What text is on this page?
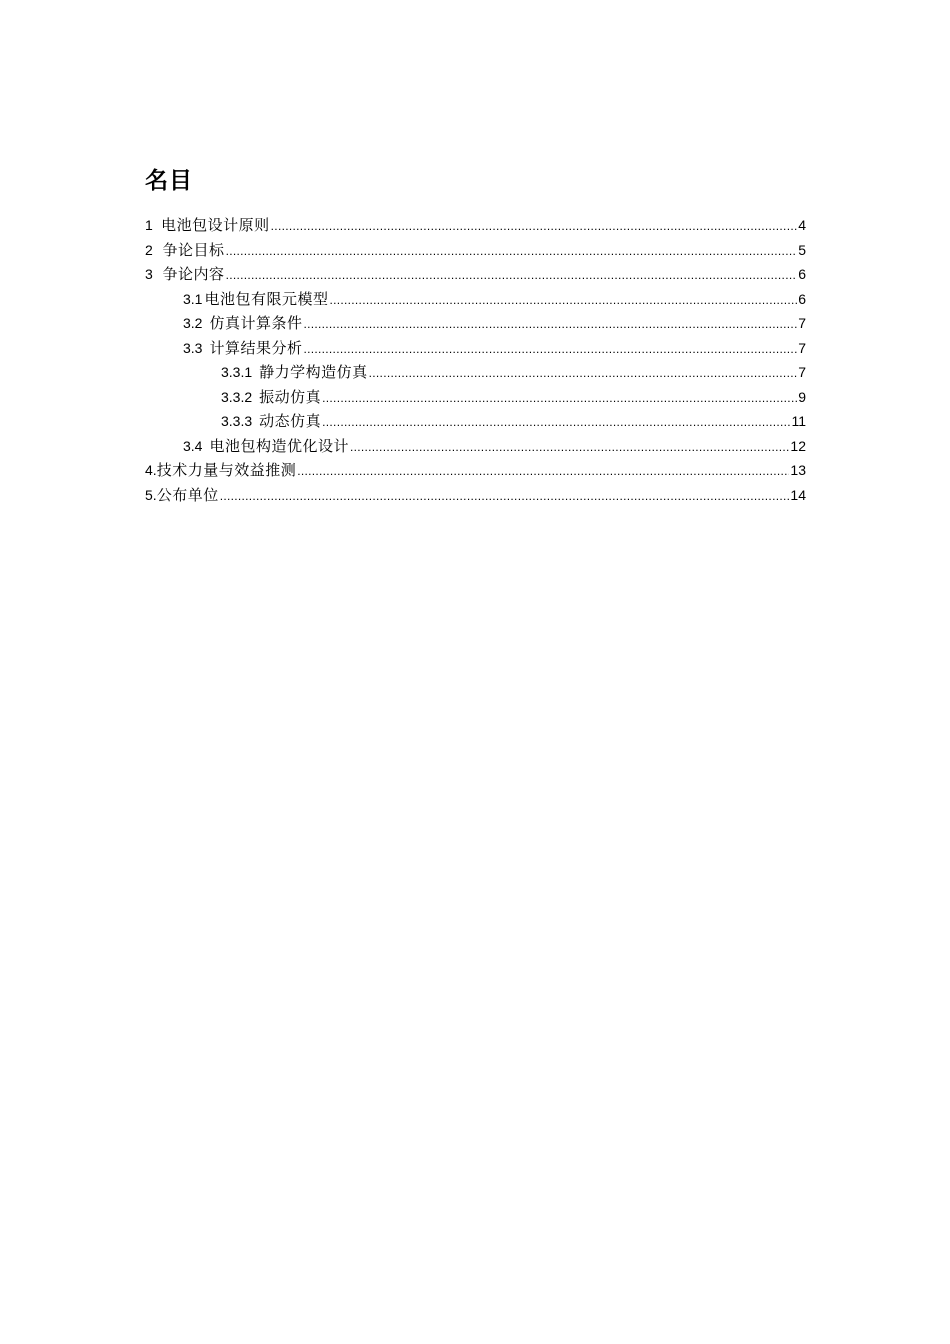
名目
1 电池包设计原则 .....	4
2 争论目标 .....	5
3 争论内容 .....	6
3.1 电池包有限元模型 .....	6
3.2 仿真计算条件 .....	7
3.3 计算结果分析 .....	7
3.3.1 静力学构造仿真 .....	7
3.3.2 振动仿真 .....	9
3.3.3 动态仿真 .....	11
3.4 电池包构造优化设计 .....	12
4. 技术力量与效益推测 .....	13
5. 公布单位 .....	14
